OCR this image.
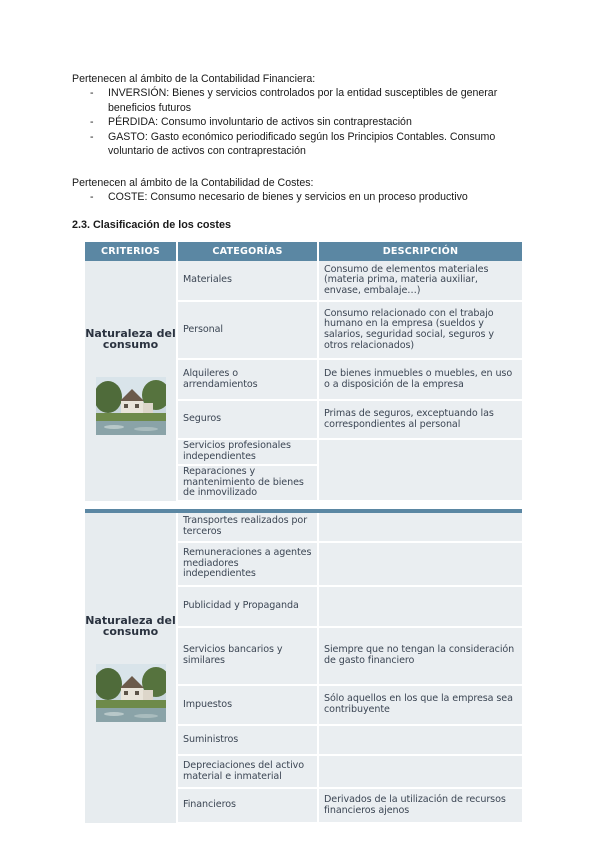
Pertenecen al ámbito de la Contabilidad Financiera:

- INVERSIÓN: Bienes y servicios controlados por la entidad susceptibles de generar beneficios futuros
- PÉRDIDA: Consumo involuntario de activos sin contraprestación
- GASTO: Gasto económico periodificado según los Principios Contables. Consumo voluntario de activos con contraprestación

Pertenecen al ámbito de la Contabilidad de Costes:

- COSTE: Consumo necesario de bienes y servicios en un proceso productivo

2.3. Clasificación de los costes

CRITERIOS	CATEGORÍAS	DESCRIPCIÓN

Naturaleza del consumo	Materiales	Consumo de elementos materiales (materia prima, materia auxiliar, envase, embalaje…)
	Personal	Consumo relacionado con el trabajo humano en la empresa (sueldos y salarios, seguridad social, seguros y otros relacionados)
	Alquileres o arrendamientos	De bienes inmuebles o muebles, en uso o a disposición de la empresa
	Seguros	Primas de seguros, exceptuando las correspondientes al personal
	Servicios profesionales independientes	
	Reparaciones y mantenimiento de bienes de inmovilizado	

Naturaleza del consumo	Transportes realizados por terceros	
	Remuneraciones a agentes mediadores independientes	
	Publicidad y Propaganda	
	Servicios bancarios y similares	Siempre que no tengan la consideración de gasto financiero
	Impuestos	Sólo aquellos en los que la empresa sea contribuyente
	Suministros	
	Depreciaciones del activo material e inmaterial	
	Financieros	Derivados de la utilización de recursos financieros ajenos
